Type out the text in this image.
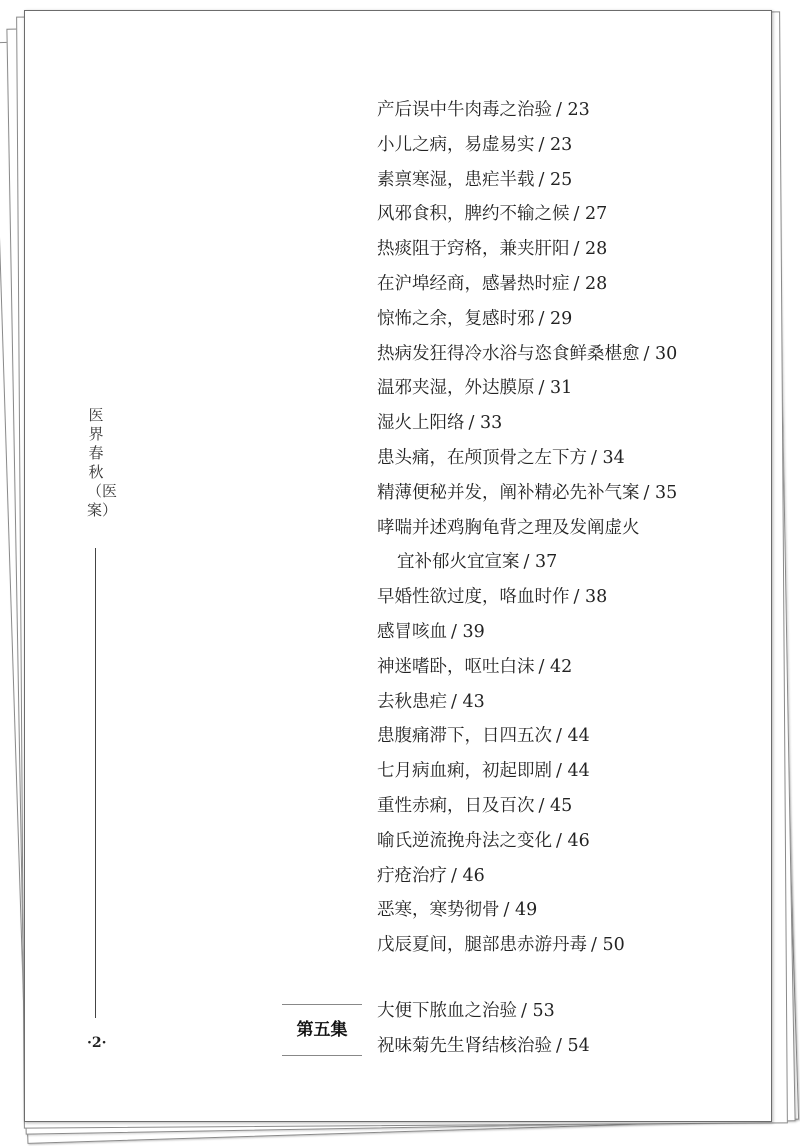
医界春秋（医案）
·2·
产后误中牛肉毒之治验 / 23
小儿之病，易虚易实 / 23
素禀寒湿，患疟半载 / 25
风邪食积，脾约不输之候 / 27
热痰阻于窍格，兼夹肝阳 / 28
在沪埠经商，感暑热时症 / 28
惊怖之余，复感时邪 / 29
热病发狂得冷水浴与恣食鲜桑椹愈 / 30
温邪夹湿，外达膜原 / 31
湿火上阳络 / 33
患头痛，在颅顶骨之左下方 / 34
精薄便秘并发，阐补精必先补气案 / 35
哮喘并述鸡胸龟背之理及发阐虚火
宜补郁火宜宣案 / 37
早婚性欲过度，咯血时作 / 38
感冒咳血 / 39
神迷嗜卧，呕吐白沫 / 42
去秋患疟 / 43
患腹痛滞下，日四五次 / 44
七月病血痢，初起即剧 / 44
重性赤痢，日及百次 / 45
喻氏逆流挽舟法之变化 / 46
疔疮治疗 / 46
恶寒，寒势彻骨 / 49
戊辰夏间，腿部患赤游丹毒 / 50
第五集
大便下脓血之治验 / 53
祝味菊先生肾结核治验 / 54
